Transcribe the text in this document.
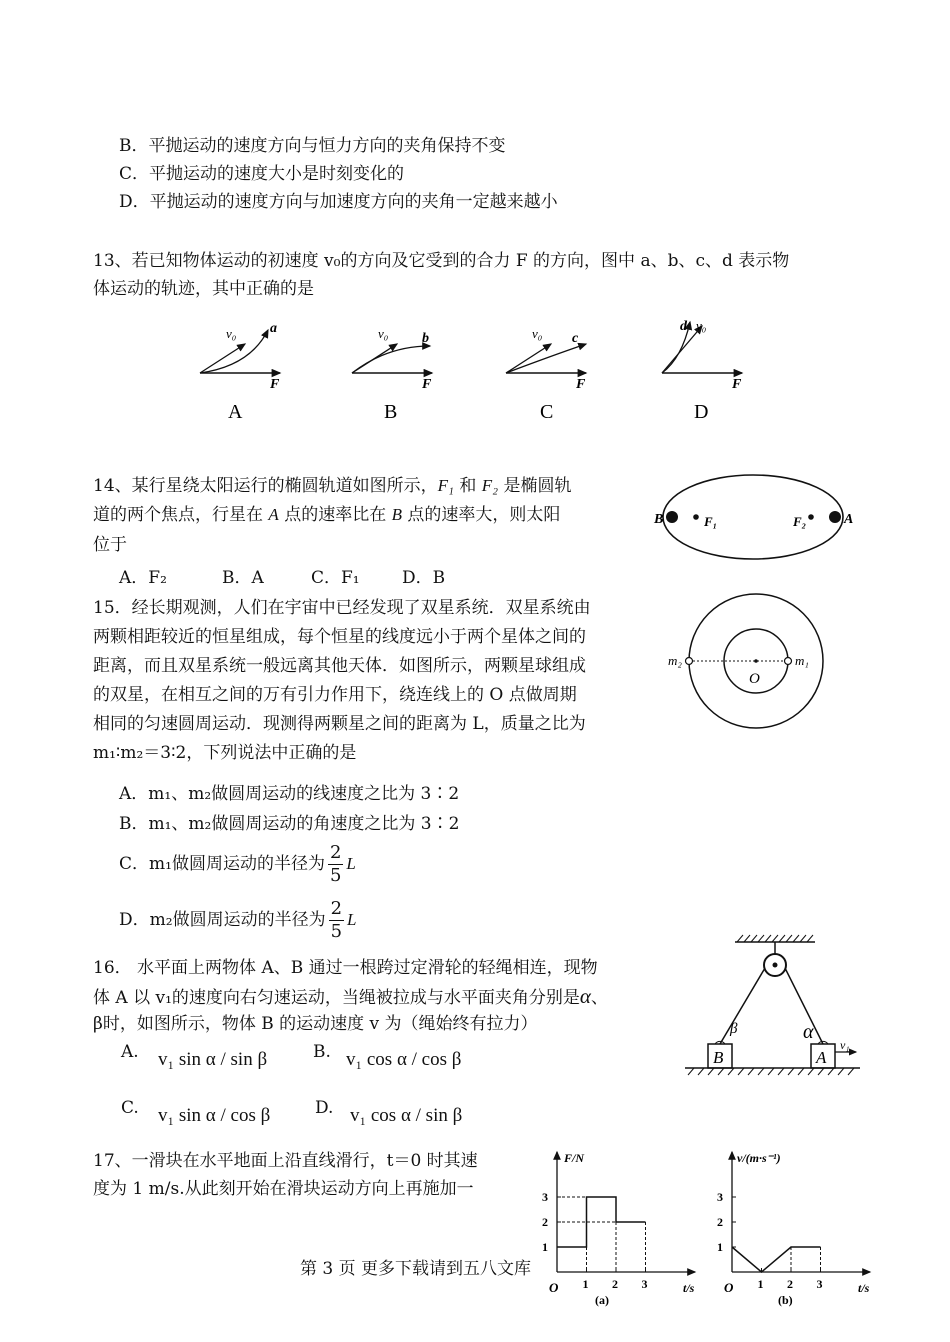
B．平抛运动的速度方向与恒力方向的夹角保持不变
C．平抛运动的速度大小是时刻变化的
D．平抛运动的速度方向与加速度方向的夹角一定越来越小
13、若已知物体运动的初速度 v₀的方向及它受到的合力 F 的方向，图中 a、b、c、d 表示物
体运动的轨迹，其中正确的是
v₀ a
F
A
v₀ b
F
B
v₀ c
F
C
d v₀
F
D
14、某行星绕太阳运行的椭圆轨道如图所示，F₁ 和 F₂ 是椭圆轨
道的两个焦点，行星在 A 点的速率比在 B 点的速率大，则太阳
位于
A．F₂	B．A	C．F₁ D．B
B	F₁	F₂	A
15．经长期观测，人们在宇宙中已经发现了双星系统．双星系统由
两颗相距较近的恒星组成，每个恒星的线度远小于两个星体之间的
距离，而且双星系统一般远离其他天体．如图所示，两颗星球组成
的双星，在相互之间的万有引力作用下，绕连线上的 O 点做周期
相同的匀速圆周运动．现测得两颗星之间的距离为 L，质量之比为
m₁∶m₂＝3∶2，下列说法中正确的是
A．m₁、m₂做圆周运动的线速度之比为 3∶2
B．m₁、m₂做圆周运动的角速度之比为 3∶2
C．m₁做圆周运动的半径为 $\frac{2}{5}$ L
D．m₂做圆周运动的半径为 $\frac{2}{5}$ L
m₂	m₁
O
16． 水平面上两物体 A、B 通过一根跨过定滑轮的轻绳相连，现物
体 A 以 v₁的速度向右匀速运动，当绳被拉成与水平面夹角分别是α、
β时，如图所示，物体 B 的运动速度 v 为（绳始终有拉力）
A. v₁ sin α / sin β	B. v₁ cos α / cos β
C. v₁ sin α / cos β	D. v₁ cos α / sin β
B	A
β	α
v₁
17、一滑块在水平地面上沿直线滑行，t＝0 时其速
度为 1 m/s.从此刻开始在滑块运动方向上再施加一
F/N
t/s
O
(a)
1 2 3
1
2
3
v/(m·s⁻¹)
t/s
O
(b)
1 2 3
1
2
3
第 3 页 更多下载请到五八文库
